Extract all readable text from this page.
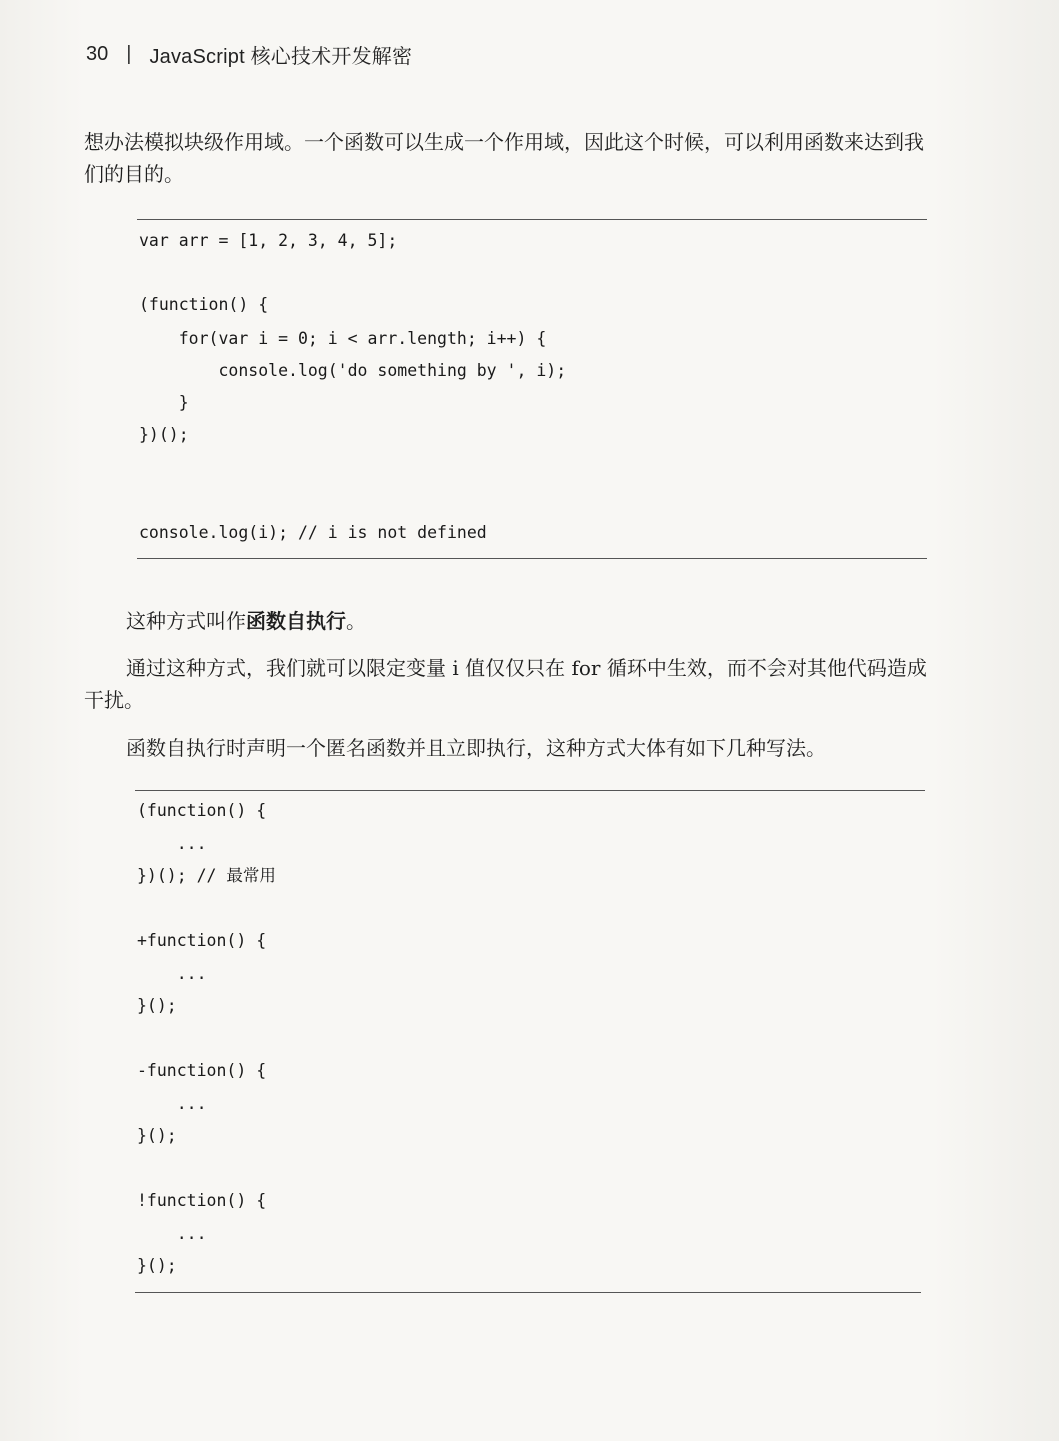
30 | JavaScript 核心技术开发解密
想办法模拟块级作用域。一个函数可以生成一个作用域，因此这个时候，可以利用函数来达到我
们的目的。
var arr = [1, 2, 3, 4, 5];
(function() {
for(var i = 0; i < arr.length; i++) {
console.log('do something by ', i);
}
})();
console.log(i); // i is not defined
这种方式叫作函数自执行。
通过这种方式，我们就可以限定变量 i 值仅仅只在 for 循环中生效，而不会对其他代码造成
干扰。
函数自执行时声明一个匿名函数并且立即执行，这种方式大体有如下几种写法。
(function() {
...
})(); // 最常用
+function() {
...
}();
-function() {
...
}();
!function() {
...
}();
